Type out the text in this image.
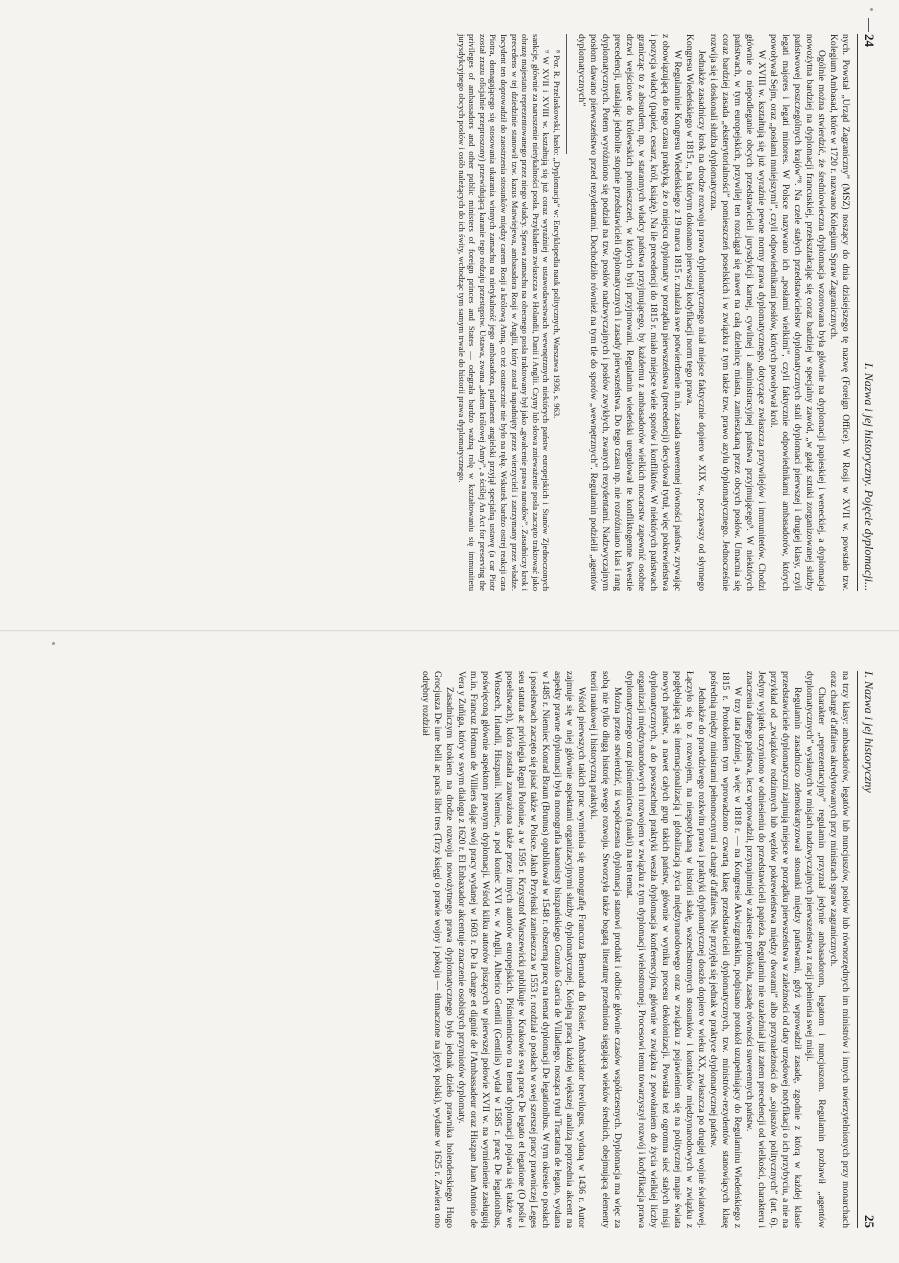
24
I. Nazwa i jej historyczny. Pojęcie dyplomacji...

nych. Powstał „Urząd Zagraniczny” (MSZ) noszący do dnia dzisiejszego tę nazwę (Foreign Office). W Rosji w XVII w. powstało tzw. Kolegium Ambasad, które w 1720 r. nazwano Kolegium Spraw Zagranicznych.

Ogólnie można stwierdzić, że średniowieczna dyplomacja wzorowana była głównie na dyplomacji papieskiej i weneckiej, a dyplomacja nowożytna bardziej na dyplomacji francuskiej, przekształcając się coraz bardziej w specjalny zawód, „w gałąź sztuki zorganizowanej służby państwowej poszczególnych krajów”⁸. Na czele stałych przedstawicielstw dyplomatycznych stali dyplomaci pierwszej i drugiej klasy, czyli legati majores i legati minores. W Polsce nazywano ich „posłami wielkimi”, czyli faktycznie odpowiednikami ambasadorów, których powoływał Sejm, oraz „posłami mniejszymi”, czyli odpowiednikami posłów, których powoływał król.

W XVIII w. kształtują się już wyraźnie pewne normy prawa dyplomatycznego, dotyczące zwłaszcza przywilejów i immunitetów. Chodzi głównie o niepodleganie obcych przedstawicieli jurysdykcji karnej, cywilnej i administracyjnej państwa przyjmującego⁹. W niektórych państwach, w tym europejskich, przywilej ten rozciągał się nawet na całą dzielnicę miasta, zamieszkaną przez obcych posłów. Umacnia się coraz bardziej zasada „eksterytorialności” pomieszczeń poselskich i w związku z tym także tzw. prawo azylu dyplomatycznego. Jednocześnie rozwija się i doskonali służba dyplomatyczna.

Jednakże zasadniczy krok na drodze rozwoju prawa dyplomatycznego miał miejsce faktycznie dopiero w XIX w., począwszy od słynnego Kongresu Wiedeńskiego w 1815 r., na którym dokonano pierwszej kodyfikacji norm tego prawa.

W Regulaminie Kongresu Wiedeńskiego z 19 marca 1815 r. znalazła swe potwierdzenie m.in. zasada suwerennej równości państw, zrywając z obowiązującą do tego czasu praktyką, że o miejscu dyplomaty w porządku pierwszeństwa (precedencji) decydował tytuł, więc pokrewieństwa i pozycja władcy (papież, cesarz, król, książę). Na ile precedencji do 1815 r. miało miejsce wiele sporów i konfliktów. W niektórych państwach granicząc to z absurdem, np. w starannych władcy państwa przyjmującego, by każdemu z ambasadorów wielkich mocarstw zapewnić osobne drzwi wejściowe do królewskich pomieszczeń, w których byli przyjmowani. Regulamin wiedeński uregulował te konfliktogenne kwestie precedencji, ustalając jednolite stopnie przedstawicieli dyplomatycznych i zasady pierwszeństwa. Do tego czasu np. nie rozróżniano klas i rang dyplomatycznych. Potem wyróżniono się podział na tzw. posłów nadzwyczajnych i posłów zwykłych, zwanych rezydentami. Nadzwyczajnym posłom dawano pierwszeństwo przed rezydentami. Dochodziło również na tym tle do sporów „wewnętrznych”. Regulamin podzielił „agentów dyplomatycznych”

⁸ Por. R. Przelaskowski, hasło: „Dyplomacja” w: Encyklopedia nauk politycznych, Warszawa 1936, s. 963.

⁹ W XVII i XVIII w. kształtują się już coraz wyraźniej w ustawodawstwach wewnętrznych niektórych państw europejskich i Stanów Zjednoczonych sankcje, głównie za naruszenie nietykalności posła. Przykładem zwłaszcza w Holandii, Danii i Anglii. Czyny lub słowa znieważenie posła zaczęto traktować jako obrazę majestatu reprezentowanego przez niego władcy. Sprawa zamachu na obecnego posła traktowany był jako „gwałcenie prawa narodów”. Zasadniczy krok i precedens w tej dziedzinie stanowił tzw. kazus Matwiejewa, ambasadora Rosji w Anglii, który został napadnięty przez wierzycieli i zatrzymany przez władze. Incydent ten doprowadził do zaostrzenia stosunków między carem Rosji a królową Anną, co też ostatecznie nie było na rękę. Wskutek bardzo ostrej reakcji cara Piotra, domagającego się stosowania ukarania winnych zamachu na nietykalność jego ambasadora, parlament angielski przyjął specjalną ustawę (a car Piotr został zrazu oficjalnie przeproszony) przewidującą karanie tego rodzaju przestępstw. Ustawa, zwana „aktem królowej Anny”, a ściślej An Act for preserving the privileges of ambassadors and other public ministers of foreign princes and States — odegrała bardzo ważną rolę w kształtowaniu się immunitetu jurysdykcyjnego obcych posłów i osób należących do ich świty, wchodząc tym samym trwale do historii prawa dyplomatycznego.

I. Nazwa i jej historyczny
25

na trzy klasy: ambasadorów, legatów lub nuncjuszów, posłów lub równorzędnych im ministrów i innych uwierzytelnionych przy monarchach oraz chargé d'affaires akredytowanych przy ministrach spraw zagranicznych.

Charakter „reprezentacyjny” regulamin przyznał jedynie ambasadorom, legatom i nuncjuszom. Regulamin pozbawił „agentów dyplomatycznych” wysłanych w misjach nadzwyczajnych pierwszeństwa z racji pełnienia swej misji.

Regulamin zasadniczo zdemokratyzował stosunki między państwami, gdyż wprowadził zasadę, zgodnie z którą w każdej klasie przedstawiciele dyplomatyczni zajmują miejsce w porządku pierwszeństwa w zależności od daty urzędowej notyfikacji o ich przybyciu, a nie na przykład od „związków rodzinnych lub węzłów pokrewieństwa między dworami” albo przynależności do „sojuszów politycznych” (art. 6). Jedyny wyjątek uczyniono w odniesieniu do przedstawicieli papieża. Regulamin nie uzależniał już zatem precedencji od wielkości, charakteru i znaczenia danego państwa, lecz wprowadził, przynajmniej w zakresie protokołu, zasadę równości suwerennych państw.

W trzy lata później, a więc w 1818 r. — na Kongresie Akwizgrańskim, podpisano protokół uzupełniający do Regulaminu Wiedeńskiego z 1815 r. Protokołem tym wprowadzono czwartą klasę przedstawicieli dyplomatycznych, tzw. ministrów-rezydentów stanowiących klasę pośrednią między ministrami pełnomocnymi a chargé d'affaires. Nie przyjęła się jednak w praktyce dyplomatycznej państw.

Jednakże do prawdziwego rozkwitu prawa i praktyki dyplomatycznej doszło dopiero w wieku XX, zwłaszcza po drugiej wojnie światowej. Łączyło się to z rozwojem, na niespotykaną w historii skalę, wszechstronnych stosunków i kontaktów międzynarodowych w związku z pogłębiającą się internacjonalizacją i globalizacją życia międzynarodowego oraz w związku z pojawieniem się na politycznej mapie świata nowych państw, a nawet całych grup takich państw, głównie w wyniku procesu dekolonizacji. Powstała też ogromna sieć stałych misji dyplomatycznych, a do powszechnej praktyki weszła dyplomacja konferencyjna, głównie w związku z powołaniem do życia wielkiej liczby organizacji międzynarodowych i rozwojem w związku z tym dyplomacji wielostronnej. Procesowi temu towarzyszył rozwój i kodyfikacja prawa dyplomatycznego oraz piśmiennictwa (nauki) na ten temat.

Można przeto stwierdzić, iż współczesna dyplomacja stanowi produkt i odbicie głównie czasów współczesnych. Dyplomacja ma więc za sobą nie tylko długą historię swego rozwoju. Stworzyła także bogatą literaturę przedmiotu sięgającą wieków średnich, obejmującą elementy teorii naukowej i historyczną praktyki.

Wśród pierwszych takich prac wymienia się monografię Francuza Bernarda du Rosier, Ambaxiator brevilogus, wydaną w 1436 r. Autor zajmuje się w niej głównie aspektami organizacyjnymi służby dyplomatycznej. Kolejną pracą każdej większej analizą poprzednia akcent na aspekty prawne dyplomacji była monografia kanonisty hiszpańskiego Gonzalo Garcia de Villadiego, nosząca tytuł Tractatus de legato, wydana w 1485 r. Niemiec Konrad Braun (Brunus) opublikował w 1548 r. obszerną pracę na temat dyplomacji De legationibus. W tym okresie o posłach i poselstwach zaczęto się pisać także w Polsce. Jakub Przyłuski zamieszcza w 1553 r. rozdział o posłach w swej szerszej pracy prawniczej Leges seu statuta ac privilegia Regni Poloniae, a w 1595 r. Krzysztof Warszewicki publikuje w Krakowie swą pracę De legato et legatione (O pośle i poselstwach), która została zauważona także przez innych autorów europejskich. Piśmiennictwo na temat dyplomacji pojawia się także we Włoszech, Irlandii, Hiszpanii. Niemiec, a pod koniec XVI w. w Anglii, Alberico Gentili (Gentilis) wydał w 1585 r. pracę De legationibus, poświęconą głównie aspektom prawnym dyplomacji. Wśród kilku autorów piszących w pierwszej połowie XVII w. na wymienienie zasługują m.in. Francuz Hotman de Villiers dając swój pracy wydanej w 1603 r. De la charge et dignité de l'Ambassadeur oraz Hiszpan Juan Antonio de Vera y Zuñiga, który w swym dialogu z 1620 r. El Enbaxador akcentuje znaczenie osobistych przymiotów dyplomaty.

Zasadniczym krokiem na drodze rozwoju nowożytnego prawa dyplomatycznego było jednak dzieło prawnika holenderskiego Hugo Grocjusza De iure belli ac pacis libri tres (Trzy księgi o prawie wojny i pokoju — tłumaczone na język polski), wydane w 1625 r. Zawiera ono odrębny rozdział
